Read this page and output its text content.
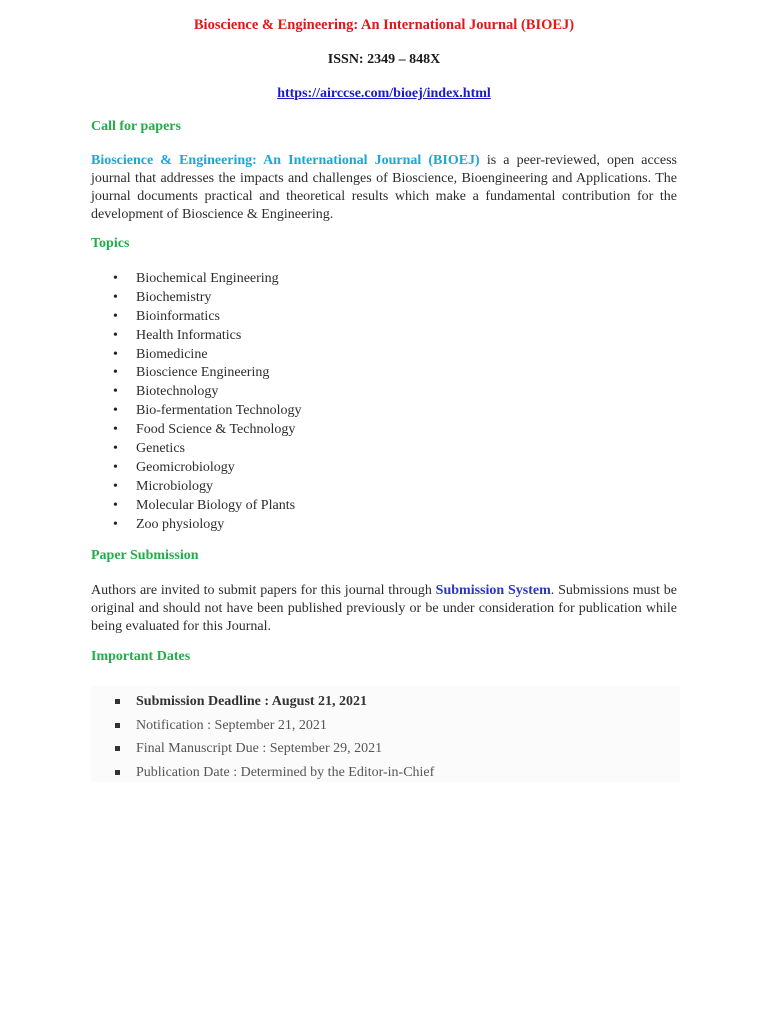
Bioscience & Engineering: An International Journal (BIOEJ)
ISSN: 2349 – 848X
https://airccse.com/bioej/index.html
Call for papers
Bioscience & Engineering: An International Journal (BIOEJ) is a peer-reviewed, open access journal that addresses the impacts and challenges of Bioscience, Bioengineering and Applications. The journal documents practical and theoretical results which make a fundamental contribution for the development of Bioscience & Engineering.
Topics
• Biochemical Engineering
• Biochemistry
• Bioinformatics
• Health Informatics
• Biomedicine
• Bioscience Engineering
• Biotechnology
• Bio-fermentation Technology
• Food Science & Technology
• Genetics
• Geomicrobiology
• Microbiology
• Molecular Biology of Plants
• Zoo physiology
Paper Submission
Authors are invited to submit papers for this journal through Submission System. Submissions must be original and should not have been published previously or be under consideration for publication while being evaluated for this Journal.
Important Dates
Submission Deadline : August 21, 2021
Notification : September 21, 2021
Final Manuscript Due : September 29, 2021
Publication Date : Determined by the Editor-in-Chief
